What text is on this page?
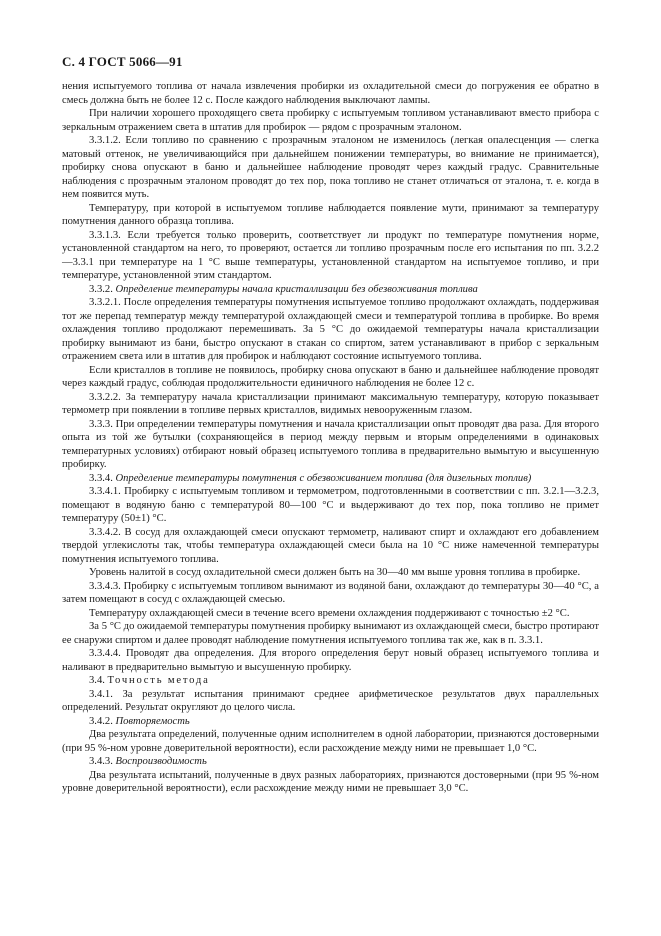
С. 4 ГОСТ 5066—91

нения испытуемого топлива от начала извлечения пробирки из охладительной смеси до погружения ее обратно в смесь должна быть не более 12 с. После каждого наблюдения выключают лампы.

При наличии хорошего проходящего света пробирку с испытуемым топливом устанавливают вместо прибора с зеркальным отражением света в штатив для пробирок — рядом с прозрачным эталоном.

3.3.1.2. Если топливо по сравнению с прозрачным эталоном не изменилось (легкая опалесценция — слегка матовый оттенок, не увеличивающийся при дальнейшем понижении температуры, во внимание не принимается), пробирку снова опускают в баню и дальнейшее наблюдение проводят через каждый градус. Сравнительные наблюдения с прозрачным эталоном проводят до тех пор, пока топливо не станет отличаться от эталона, т. е. когда в нем появится муть.

Температуру, при которой в испытуемом топливе наблюдается появление мути, принимают за температуру помутнения данного образца топлива.

3.3.1.3. Если требуется только проверить, соответствует ли продукт по температуре помутнения норме, установленной стандартом на него, то проверяют, остается ли топливо прозрачным после его испытания по пп. 3.2.2—3.3.1 при температуре на 1 °С выше температуры, установленной стандартом на испытуемое топливо, и при температуре, установленной этим стандартом.

3.3.2. Определение температуры начала кристаллизации без обезвоживания топлива

3.3.2.1. После определения температуры помутнения испытуемое топливо продолжают охлаждать, поддерживая тот же перепад температур между температурой охлаждающей смеси и температурой топлива в пробирке. Во время охлаждения топливо продолжают перемешивать. За 5 °С до ожидаемой температуры начала кристаллизации пробирку вынимают из бани, быстро опускают в стакан со спиртом, затем устанавливают в прибор с зеркальным отражением света или в штатив для пробирок и наблюдают состояние испытуемого топлива.

Если кристаллов в топливе не появилось, пробирку снова опускают в баню и дальнейшее наблюдение проводят через каждый градус, соблюдая продолжительности единичного наблюдения не более 12 с.

3.3.2.2. За температуру начала кристаллизации принимают максимальную температуру, которую показывает термометр при появлении в топливе первых кристаллов, видимых невооруженным глазом.

3.3.3. При определении температуры помутнения и начала кристаллизации опыт проводят два раза. Для второго опыта из той же бутылки (сохраняющейся в период между первым и вторым определениями в одинаковых температурных условиях) отбирают новый образец испытуемого топлива в предварительно вымытую и высушенную пробирку.

3.3.4. Определение температуры помутнения с обезвоживанием топлива (для дизельных топлив)

3.3.4.1. Пробирку с испытуемым топливом и термометром, подготовленными в соответствии с пп. 3.2.1—3.2.3, помещают в водяную баню с температурой 80—100 °С и выдерживают до тех пор, пока топливо не примет температуру (50±1) °С.

3.3.4.2. В сосуд для охлаждающей смеси опускают термометр, наливают спирт и охлаждают его добавлением твердой углекислоты так, чтобы температура охлаждающей смеси была на 10 °С ниже намеченной температуры помутнения испытуемого топлива.

Уровень налитой в сосуд охладительной смеси должен быть на 30—40 мм выше уровня топлива в пробирке.

3.3.4.3. Пробирку с испытуемым топливом вынимают из водяной бани, охлаждают до температуры 30—40 °С, а затем помещают в сосуд с охлаждающей смесью.

Температуру охлаждающей смеси в течение всего времени охлаждения поддерживают с точностью ±2 °С.

За 5 °С до ожидаемой температуры помутнения пробирку вынимают из охлаждающей смеси, быстро протирают ее снаружи спиртом и далее проводят наблюдение помутнения испытуемого топлива так же, как в п. 3.3.1.

3.3.4.4. Проводят два определения. Для второго определения берут новый образец испытуемого топлива и наливают в предварительно вымытую и высушенную пробирку.

3.4. Точность метода

3.4.1. За результат испытания принимают среднее арифметическое результатов двух параллельных определений. Результат округляют до целого числа.

3.4.2. Повторяемость

Два результата определений, полученные одним исполнителем в одной лаборатории, признаются достоверными (при 95 %-ном уровне доверительной вероятности), если расхождение между ними не превышает 1,0 °С.

3.4.3. Воспроизводимость

Два результата испытаний, полученные в двух разных лабораториях, признаются достоверными (при 95 %-ном уровне доверительной вероятности), если расхождение между ними не превышает 3,0 °С.
